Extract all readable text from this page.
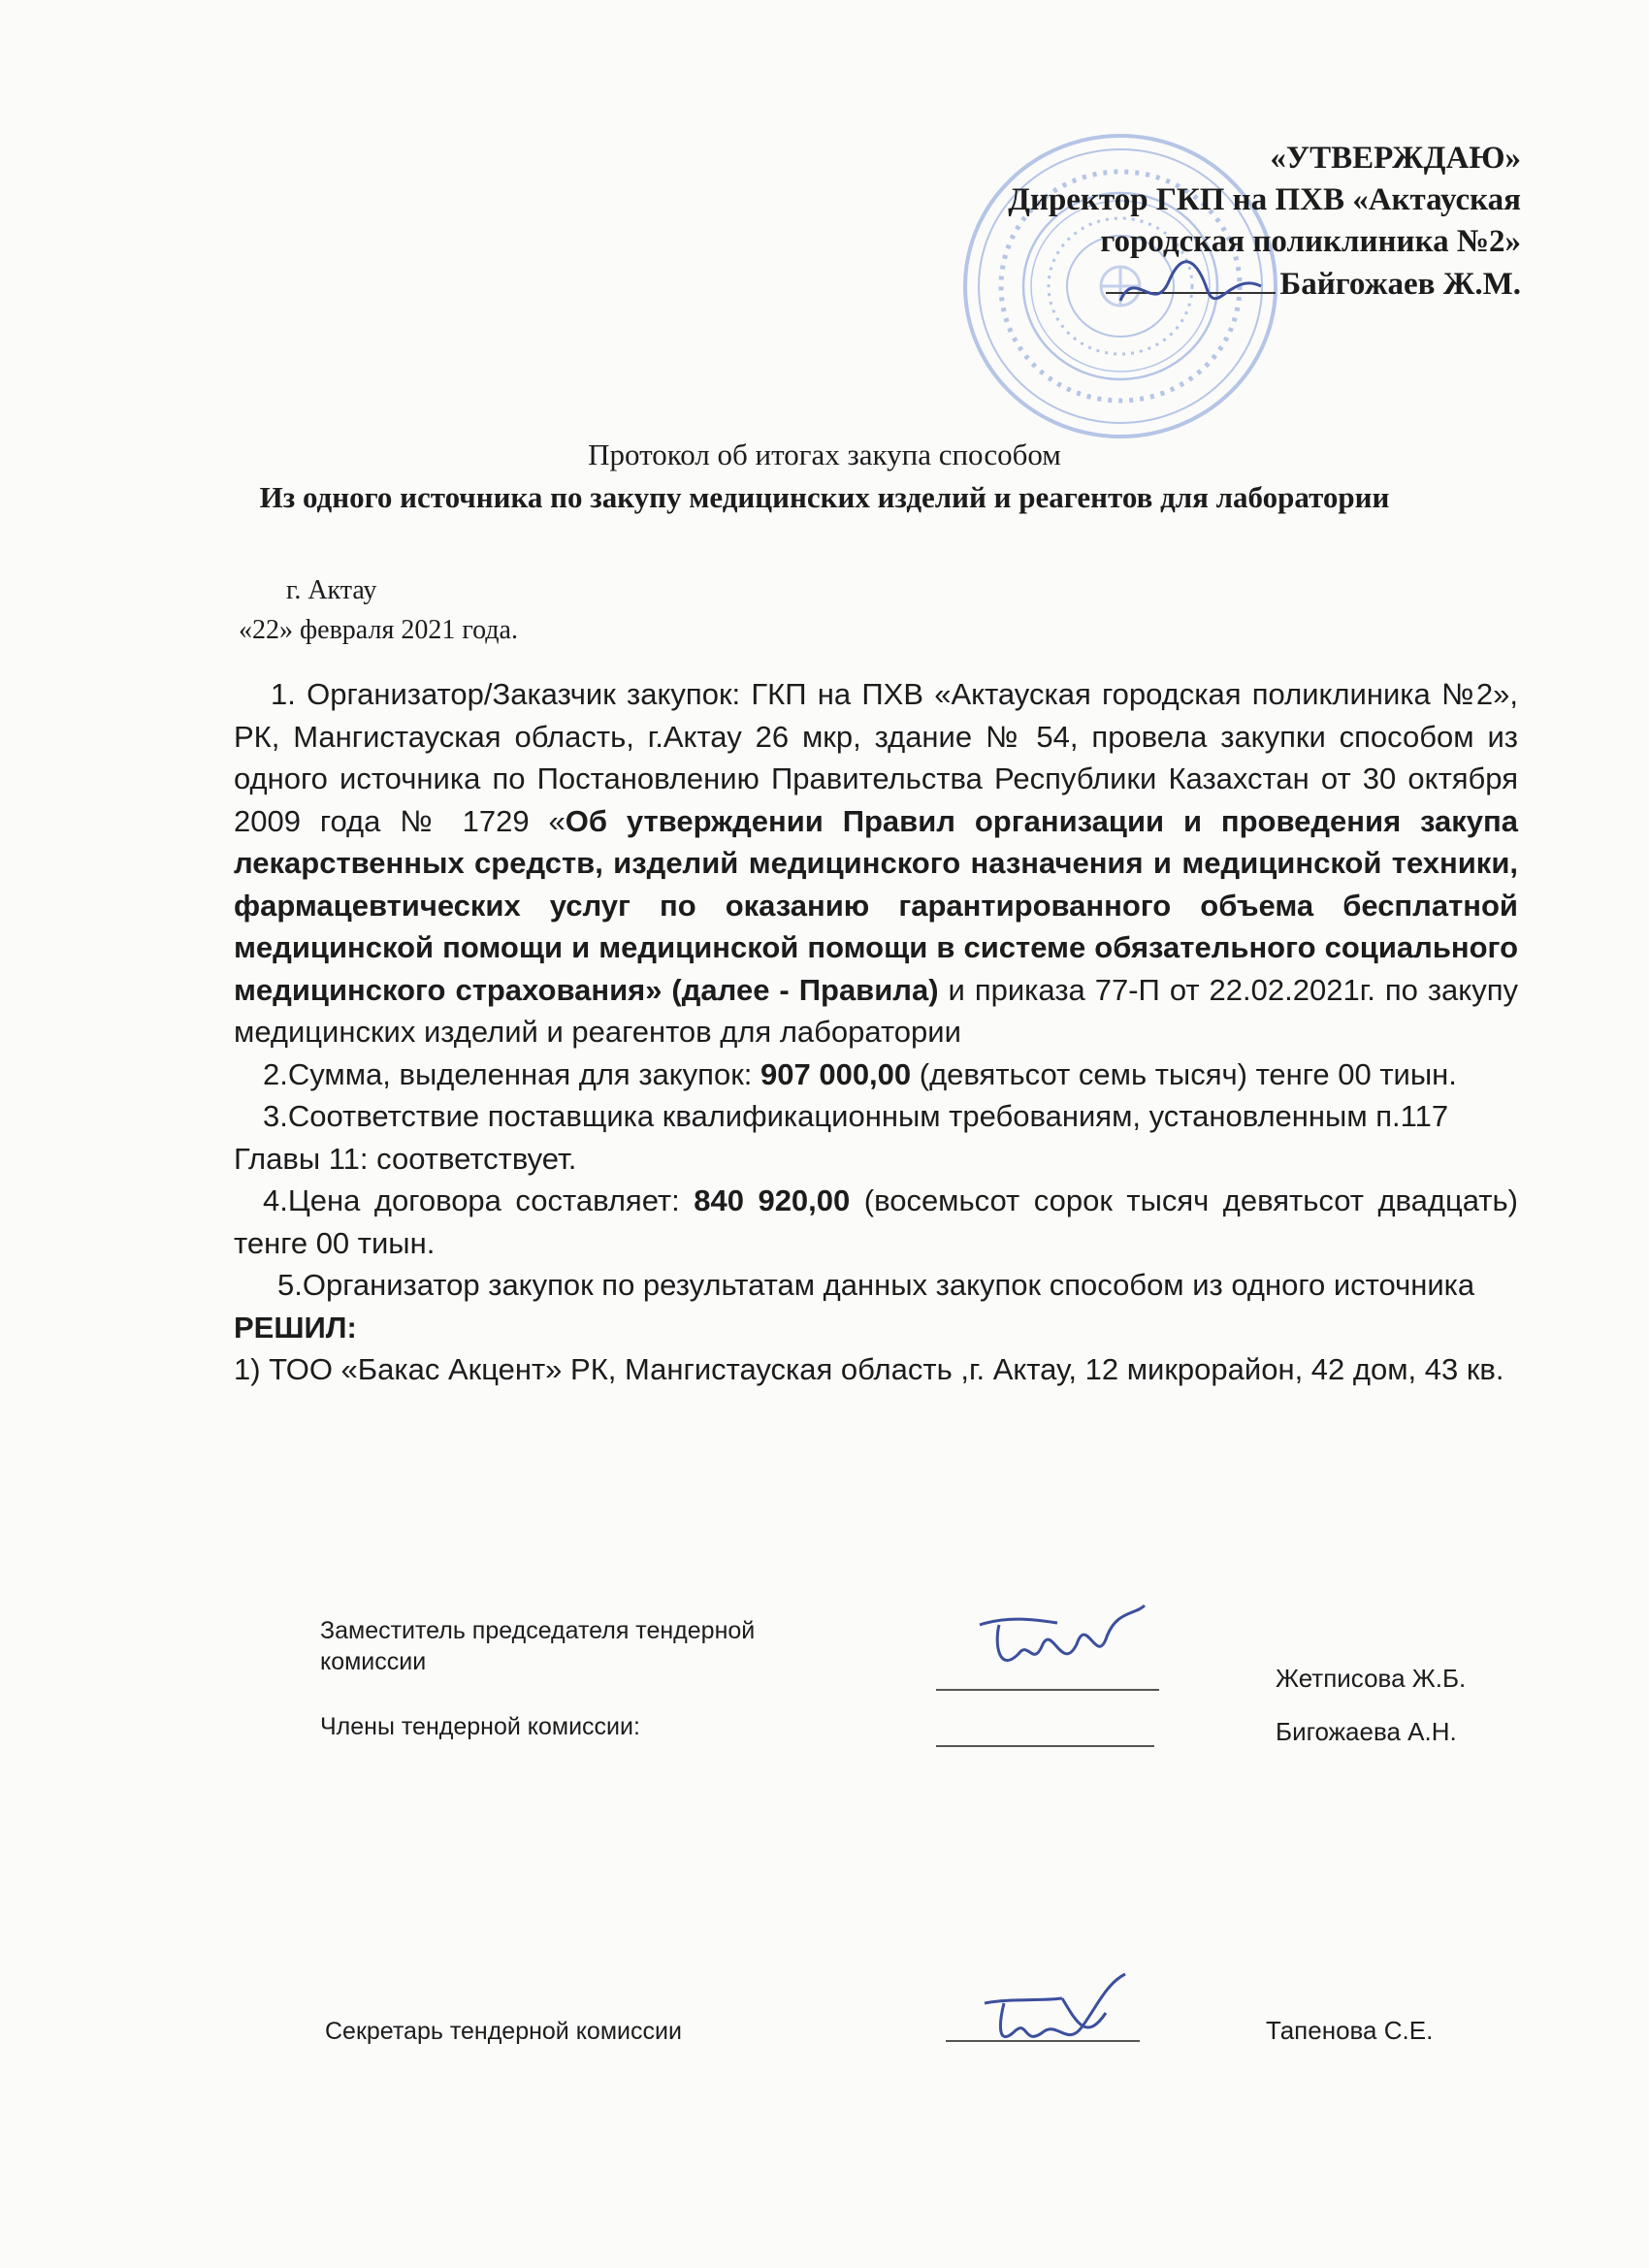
«УТВЕРЖДАЮ»
Директор ГКП на ПХВ «Актауская
городская поликлиника №2»
Байгожаев Ж.М.
Протокол об итогах закупа способом
Из одного источника по закупу медицинских изделий и реагентов для лаборатории
г. Актау
«22» февраля 2021 года.

1. Организатор/Заказчик закупок: ГКП на ПХВ «Актауская городская поликлиника №2», РК, Мангистауская область, г.Актау 26 мкр, здание № 54, провела закупки способом из одного источника по Постановлению Правительства Республики Казахстан от 30 октября 2009 года № 1729 «Об утверждении Правил организации и проведения закупа лекарственных средств, изделий медицинского назначения и медицинской техники, фармацевтических услуг по оказанию гарантированного объема бесплатной медицинской помощи и медицинской помощи в системе обязательного социального медицинского страхования» (далее - Правила) и приказа 77-П от 22.02.2021г. по закупу медицинских изделий и реагентов для лаборатории

2.Сумма, выделенная для закупок: 907 000,00 (девятьсот семь тысяч) тенге 00 тиын.

3.Соответствие поставщика квалификационным требованиям, установленным п.117 Главы 11: соответствует.

4.Цена договора составляет: 840 920,00 (восемьсот сорок тысяч девятьсот двадцать) тенге 00 тиын.

5.Организатор закупок по результатам данных закупок способом из одного источника
РЕШИЛ:

1) ТОО «Бакас Акцент» РК, Мангистауская область ,г. Актау, 12 микрорайон, 42 дом, 43 кв.

Заместитель председателя тендерной
комиссии
Жетписова Ж.Б.
Члены тендерной комиссии:	Бигожаева А.Н.
Секретарь тендерной комиссии	Тапенова С.Е.
